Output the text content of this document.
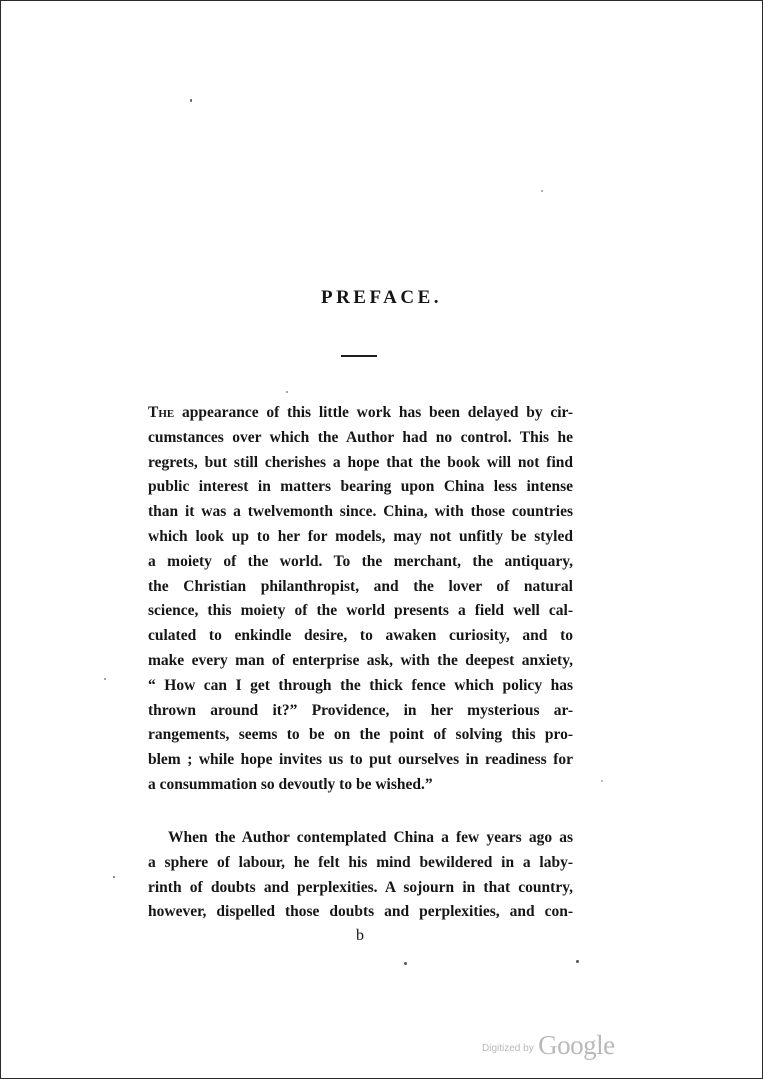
PREFACE.
The appearance of this little work has been delayed by cir-
cumstances over which the Author had no control. This he
regrets, but still cherishes a hope that the book will not find
public interest in matters bearing upon China less intense
than it was a twelvemonth since. China, with those countries
which look up to her for models, may not unfitly be styled
a moiety of the world. To the merchant, the antiquary,
the Christian philanthropist, and the lover of natural
science, this moiety of the world presents a field well cal-
culated to enkindle desire, to awaken curiosity, and to
make every man of enterprise ask, with the deepest anxiety,
“ How can I get through the thick fence which policy has
thrown around it?” Providence, in her mysterious ar-
rangements, seems to be on the point of solving this pro-
blem ; while hope invites us to put ourselves in readiness for
a consummation so devoutly to be wished.”
When the Author contemplated China a few years ago as
a sphere of labour, he felt his mind bewildered in a laby-
rinth of doubts and perplexities. A sojourn in that country,
however, dispelled those doubts and perplexities, and con-
b
Digitized by Google
